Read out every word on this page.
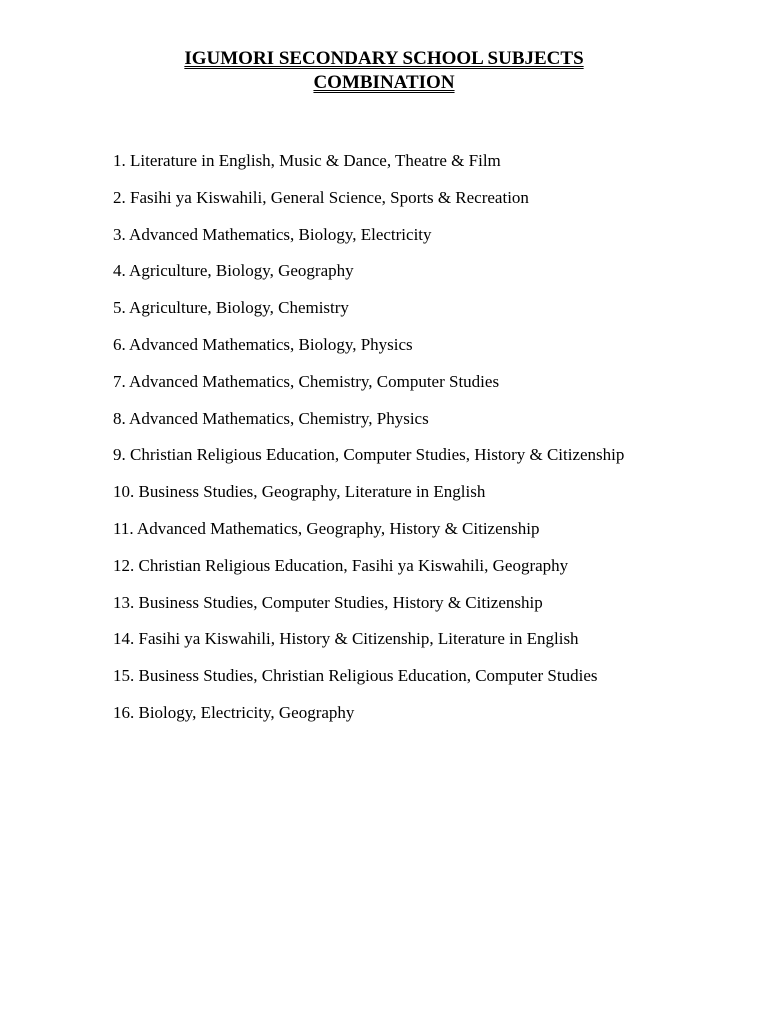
IGUMORI SECONDARY SCHOOL SUBJECTS
COMBINATION
1. Literature in English, Music & Dance, Theatre & Film
2. Fasihi ya Kiswahili, General Science, Sports & Recreation
3. Advanced Mathematics, Biology, Electricity
4. Agriculture, Biology, Geography
5. Agriculture, Biology, Chemistry
6. Advanced Mathematics, Biology, Physics
7. Advanced Mathematics, Chemistry, Computer Studies
8. Advanced Mathematics, Chemistry, Physics
9. Christian Religious Education, Computer Studies, History & Citizenship
10. Business Studies, Geography, Literature in English
11. Advanced Mathematics, Geography, History & Citizenship
12. Christian Religious Education, Fasihi ya Kiswahili, Geography
13. Business Studies, Computer Studies, History & Citizenship
14. Fasihi ya Kiswahili, History & Citizenship, Literature in English
15. Business Studies, Christian Religious Education, Computer Studies
16. Biology, Electricity, Geography
